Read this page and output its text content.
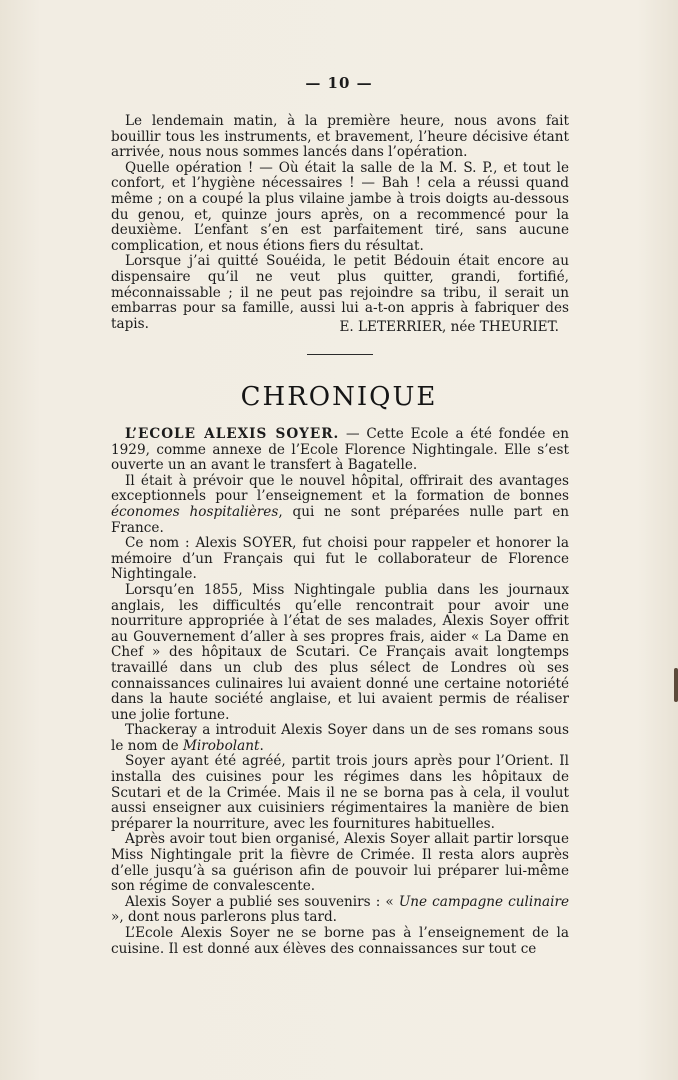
— 10 —

Le lendemain matin, à la première heure, nous avons fait bouillir tous les instruments, et bravement, l’heure décisive étant arrivée, nous nous sommes lancés dans l’opération.

Quelle opération ! — Où était la salle de la M. S. P., et tout le confort, et l’hygiène nécessaires ! — Bah ! cela a réussi quand même ; on a coupé la plus vilaine jambe à trois doigts au-dessous du genou, et, quinze jours après, on a recommencé pour la deuxième. L’enfant s’en est parfaitement tiré, sans aucune complication, et nous étions fiers du résultat.

Lorsque j’ai quitté Souéida, le petit Bédouin était encore au dispensaire qu’il ne veut plus quitter, grandi, fortifié, méconnaissable ; il ne peut pas rejoindre sa tribu, il serait un embarras pour sa famille, aussi lui a-t-on appris à fabriquer des tapis.	E. LETERRIER, née THEURIET.
CHRONIQUE

L’ECOLE ALEXIS SOYER. — Cette Ecole a été fondée en 1929, comme annexe de l’Ecole Florence Nightingale. Elle s’est ouverte un an avant le transfert à Bagatelle.

Il était à prévoir que le nouvel hôpital, offrirait des avantages exceptionnels pour l’enseignement et la formation de bonnes économes hospitalières, qui ne sont préparées nulle part en France.

Ce nom : Alexis SOYER, fut choisi pour rappeler et honorer la mémoire d’un Français qui fut le collaborateur de Florence Nightingale.

Lorsqu’en 1855, Miss Nightingale publia dans les journaux anglais, les difficultés qu’elle rencontrait pour avoir une nourriture appropriée à l’état de ses malades, Alexis Soyer offrit au Gouvernement d’aller à ses propres frais, aider « La Dame en Chef » des hôpitaux de Scutari. Ce Français avait longtemps travaillé dans un club des plus sélect de Londres où ses connaissances culinaires lui avaient donné une certaine notoriété dans la haute société anglaise, et lui avaient permis de réaliser une jolie fortune.

Thackeray a introduit Alexis Soyer dans un de ses romans sous le nom de Mirobolant.

Soyer ayant été agréé, partit trois jours après pour l’Orient. Il installa des cuisines pour les régimes dans les hôpitaux de Scutari et de la Crimée. Mais il ne se borna pas à cela, il voulut aussi enseigner aux cuisiniers régimentaires la manière de bien préparer la nourriture, avec les fournitures habituelles.

Après avoir tout bien organisé, Alexis Soyer allait partir lorsque Miss Nightingale prit la fièvre de Crimée. Il resta alors auprès d’elle jusqu’à sa guérison afin de pouvoir lui préparer lui-même son régime de convalescente.

Alexis Soyer a publié ses souvenirs : « Une campagne culinaire », dont nous parlerons plus tard.

L’Ecole Alexis Soyer ne se borne pas à l’enseignement de la cuisine. Il est donné aux élèves des connaissances sur tout ce
